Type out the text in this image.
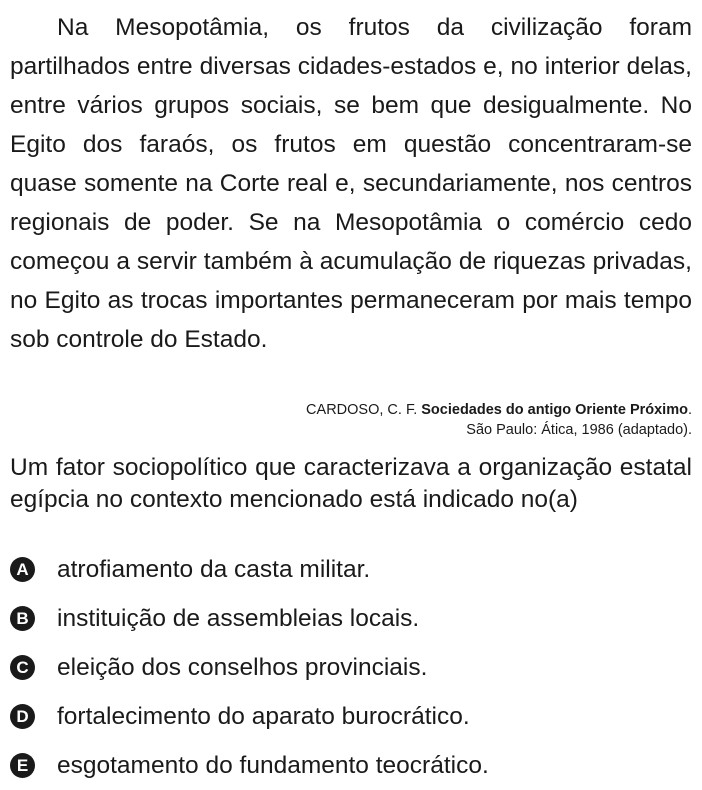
Na Mesopotâmia, os frutos da civilização foram partilhados entre diversas cidades-estados e, no interior delas, entre vários grupos sociais, se bem que desigualmente. No Egito dos faraós, os frutos em questão concentraram-se quase somente na Corte real e, secundariamente, nos centros regionais de poder. Se na Mesopotâmia o comércio cedo começou a servir também à acumulação de riquezas privadas, no Egito as trocas importantes permaneceram por mais tempo sob controle do Estado.

CARDOSO, C. F. Sociedades do antigo Oriente Próximo.
São Paulo: Ática, 1986 (adaptado).

Um fator sociopolítico que caracterizava a organização estatal egípcia no contexto mencionado está indicado no(a)

A atrofiamento da casta militar.
B instituição de assembleias locais.
C eleição dos conselhos provinciais.
D fortalecimento do aparato burocrático.
E esgotamento do fundamento teocrático.
